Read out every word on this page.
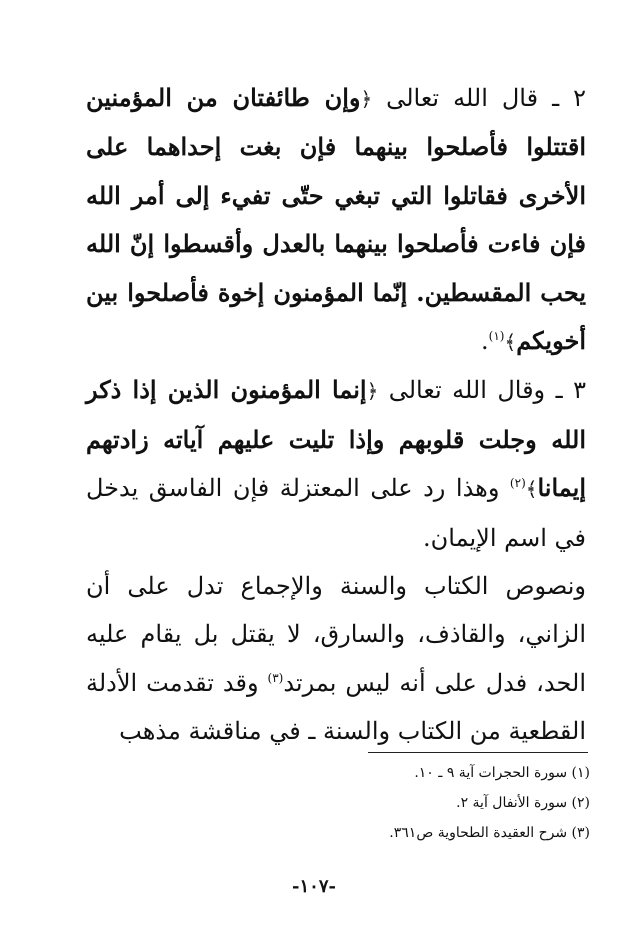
٢ ـ قال الله تعالى ﴿وإن طائفتان من المؤمنين اقتتلوا فأصلحوا بينهما فإن بغت إحداهما على الأخرى فقاتلوا التي تبغي حتّى تفيء إلى أمر الله فإن فاءت فأصلحوا بينهما بالعدل وأقسطوا إنّ الله يحب المقسطين. إنّما المؤمنون إخوة فأصلحوا بين أخويكم﴾$^{(١)}$.

٣ ـ وقال الله تعالى ﴿إنما المؤمنون الذين إذا ذكر الله وجلت قلوبهم وإذا تليت عليهم آياته زادتهم إيمانا﴾$^{(٢)}$ وهذا رد على المعتزلة فإن الفاسق يدخل في اسم الإيمان.

ونصوص الكتاب والسنة والإجماع تدل على أن الزاني، والقاذف، والسارق، لا يقتل بل يقام عليه الحد، فدل على أنه ليس بمرتد$^{(٣)}$ وقد تقدمت الأدلة القطعية من الكتاب والسنة ـ في مناقشة مذهب

(١) سورة الحجرات آية ٩ ـ ١٠.

(٢) سورة الأنفال آية ٢.

(٣) شرح العقيدة الطحاوية ص٣٦١.

-١٠٧-
